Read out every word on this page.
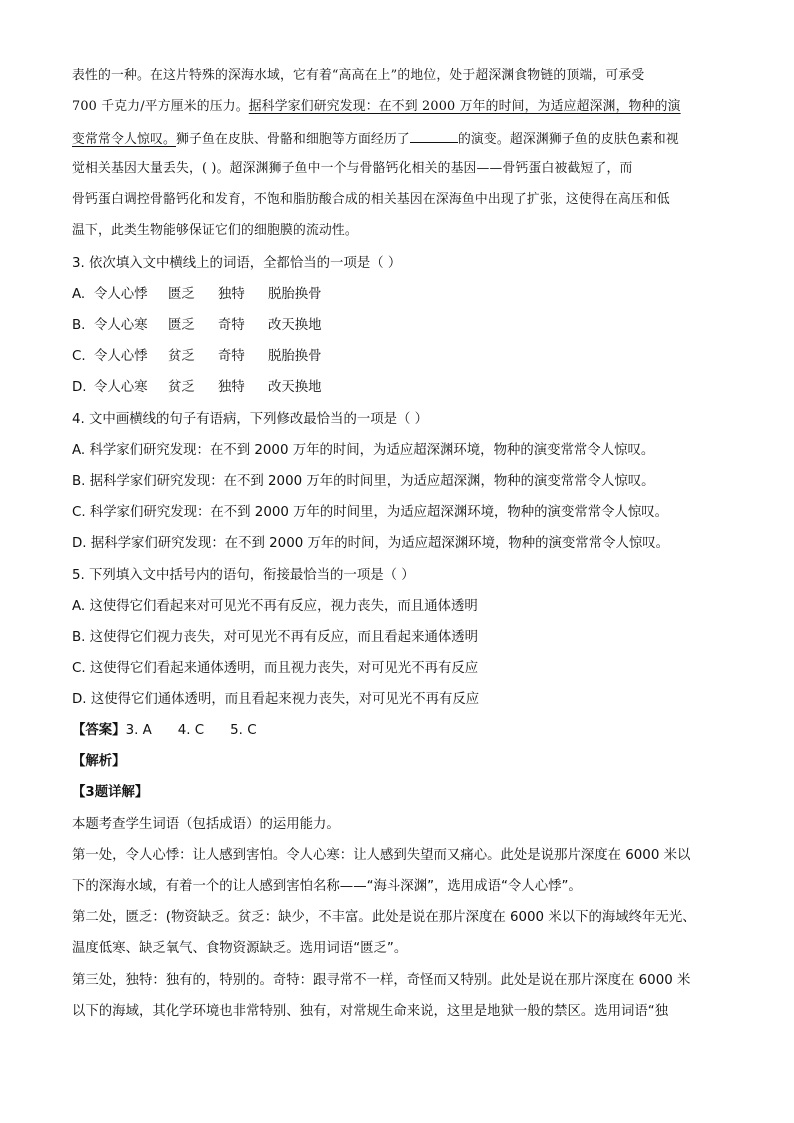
表性的一种。在这片特殊的深海水域，它有着“高高在上”的地位，处于超深渊食物链的顶端，可承受
700 千克力/平方厘米的压力。据科学家们研究发现：在不到 2000 万年的时间，为适应超深渊，物种的演
变常常令人惊叹。狮子鱼在皮肤、骨骼和细胞等方面经历了	的演变。超深渊狮子鱼的皮肤色素和视
觉相关基因大量丢失，( )。超深渊狮子鱼中一个与骨骼钙化相关的基因——骨钙蛋白被截短了，而
骨钙蛋白调控骨骼钙化和发育，不饱和脂肪酸合成的相关基因在深海鱼中出现了扩张，这使得在高压和低
温下，此类生物能够保证它们的细胞膜的流动性。
3. 依次填入文中横线上的词语，全都恰当的一项是（ ）
A. 令人心悸 匮乏 独特 脱胎换骨
B. 令人心寒 匮乏 奇特 改天换地
C. 令人心悸 贫乏 奇特 脱胎换骨
D. 令人心寒 贫乏 独特 改天换地
4. 文中画横线的句子有语病，下列修改最恰当的一项是（ ）
A. 科学家们研究发现：在不到 2000 万年的时间，为适应超深渊环境，物种的演变常常令人惊叹。
B. 据科学家们研究发现：在不到 2000 万年的时间里，为适应超深渊，物种的演变常常令人惊叹。
C. 科学家们研究发现：在不到 2000 万年的时间里，为适应超深渊环境，物种的演变常常令人惊叹。
D. 据科学家们研究发现：在不到 2000 万年的时间，为适应超深渊环境，物种的演变常常令人惊叹。
5. 下列填入文中括号内的语句，衔接最恰当的一项是（ ）
A. 这使得它们看起来对可见光不再有反应，视力丧失，而且通体透明
B. 这使得它们视力丧失，对可见光不再有反应，而且看起来通体透明
C. 这使得它们看起来通体透明，而且视力丧失，对可见光不再有反应
D. 这使得它们通体透明，而且看起来视力丧失，对可见光不再有反应
【答案】3. A 4. C 5. C
【解析】
【3题详解】
本题考查学生词语（包括成语）的运用能力。
第一处，令人心悸：让人感到害怕。令人心寒：让人感到失望而又痛心。此处是说那片深度在 6000 米以
下的深海水域，有着一个的让人感到害怕名称——“海斗深渊”，选用成语“令人心悸”。
第二处，匮乏：(物资缺乏。贫乏：缺少，不丰富。此处是说在那片深度在 6000 米以下的海域终年无光、
温度低寒、缺乏氧气、食物资源缺乏。选用词语“匮乏”。
第三处，独特：独有的，特别的。奇特：跟寻常不一样，奇怪而又特别。此处是说在那片深度在 6000 米
以下的海域，其化学环境也非常特别、独有，对常规生命来说，这里是地狱一般的禁区。选用词语“独
